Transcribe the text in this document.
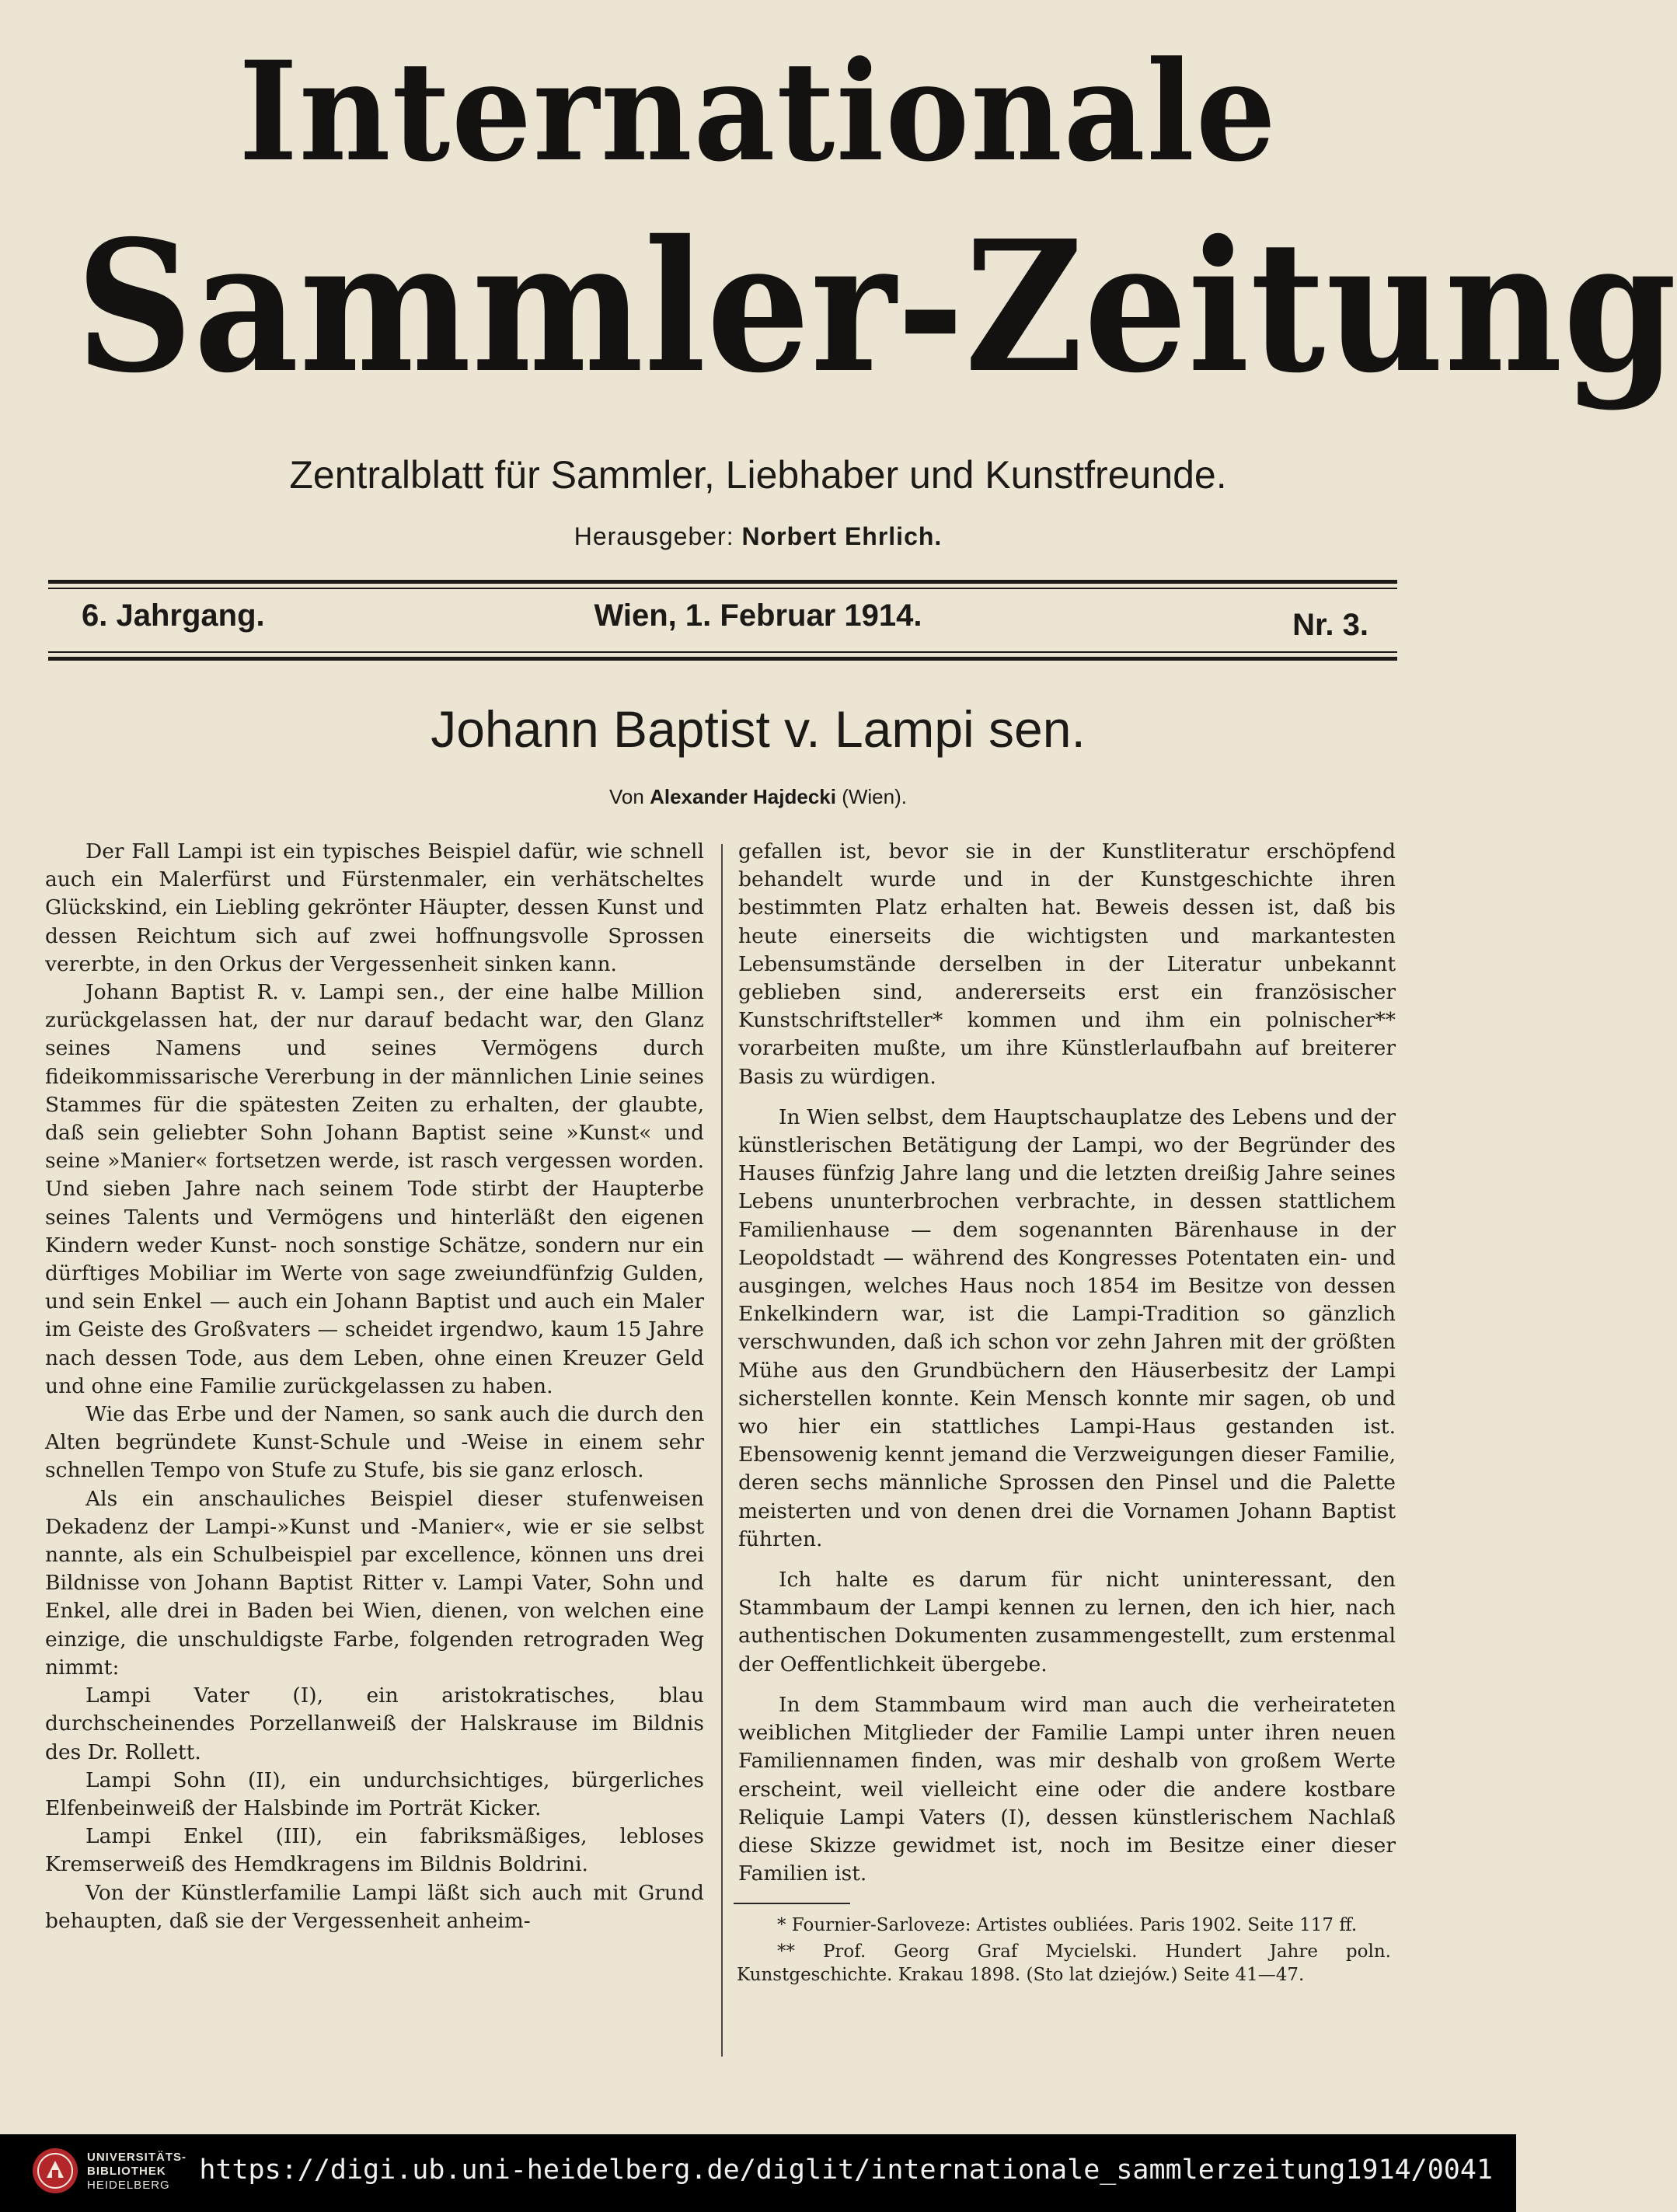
Internationale
Sammler-Zeitung
Zentralblatt für Sammler, Liebhaber und Kunstfreunde.
Herausgeber: Norbert Ehrlich.
6. Jahrgang.	Wien, 1. Februar 1914.	Nr. 3.
Johann Baptist v. Lampi sen.
Von Alexander Hajdecki (Wien).

Der Fall Lampi ist ein typisches Beispiel dafür, wie schnell auch ein Malerfürst und Fürstenmaler, ein verhätscheltes Glückskind, ein Liebling gekrönter Häupter, dessen Kunst und dessen Reichtum sich auf zwei hoffnungsvolle Sprossen vererbte, in den Orkus der Vergessenheit sinken kann.

Johann Baptist R. v. Lampi sen., der eine halbe Million zurückgelassen hat, der nur darauf bedacht war, den Glanz seines Namens und seines Vermögens durch fideikommissarische Vererbung in der männlichen Linie seines Stammes für die spätesten Zeiten zu erhalten, der glaubte, daß sein geliebter Sohn Johann Baptist seine »Kunst« und seine »Manier« fortsetzen werde, ist rasch vergessen worden. Und sieben Jahre nach seinem Tode stirbt der Haupterbe seines Talents und Vermögens und hinterläßt den eigenen Kindern weder Kunst- noch sonstige Schätze, sondern nur ein dürftiges Mobiliar im Werte von sage zweiundfünfzig Gulden, und sein Enkel — auch ein Johann Baptist und auch ein Maler im Geiste des Großvaters — scheidet irgendwo, kaum 15 Jahre nach dessen Tode, aus dem Leben, ohne einen Kreuzer Geld und ohne eine Familie zurückgelassen zu haben.

Wie das Erbe und der Namen, so sank auch die durch den Alten begründete Kunst-Schule und -Weise in einem sehr schnellen Tempo von Stufe zu Stufe, bis sie ganz erlosch.

Als ein anschauliches Beispiel dieser stufenweisen Dekadenz der Lampi-»Kunst und -Manier«, wie er sie selbst nannte, als ein Schulbeispiel par excellence, können uns drei Bildnisse von Johann Baptist Ritter v. Lampi Vater, Sohn und Enkel, alle drei in Baden bei Wien, dienen, von welchen eine einzige, die unschuldigste Farbe, folgenden retrograden Weg nimmt:

Lampi Vater (I), ein aristokratisches, blau durchscheinendes Porzellanweiß der Halskrause im Bildnis des Dr. Rollett.

Lampi Sohn (II), ein undurchsichtiges, bürgerliches Elfenbeinweiß der Halsbinde im Porträt Kicker.

Lampi Enkel (III), ein fabriksmäßiges, lebloses Kremserweiß des Hemdkragens im Bildnis Boldrini.

Von der Künstlerfamilie Lampi läßt sich auch mit Grund behaupten, daß sie der Vergessenheit anheim-

gefallen ist, bevor sie in der Kunstliteratur erschöpfend behandelt wurde und in der Kunstgeschichte ihren bestimmten Platz erhalten hat. Beweis dessen ist, daß bis heute einerseits die wichtigsten und markantesten Lebensumstände derselben in der Literatur unbekannt geblieben sind, andererseits erst ein französischer Kunstschriftsteller* kommen und ihm ein polnischer** vorarbeiten mußte, um ihre Künstlerlaufbahn auf breiterer Basis zu würdigen.

In Wien selbst, dem Hauptschauplatze des Lebens und der künstlerischen Betätigung der Lampi, wo der Begründer des Hauses fünfzig Jahre lang und die letzten dreißig Jahre seines Lebens ununterbrochen verbrachte, in dessen stattlichem Familienhause — dem sogenannten Bärenhause in der Leopoldstadt — während des Kongresses Potentaten ein- und ausgingen, welches Haus noch 1854 im Besitze von dessen Enkelkindern war, ist die Lampi-Tradition so gänzlich verschwunden, daß ich schon vor zehn Jahren mit der größten Mühe aus den Grundbüchern den Häuserbesitz der Lampi sicherstellen konnte. Kein Mensch konnte mir sagen, ob und wo hier ein stattliches Lampi-Haus gestanden ist. Ebensowenig kennt jemand die Verzweigungen dieser Familie, deren sechs männliche Sprossen den Pinsel und die Palette meisterten und von denen drei die Vornamen Johann Baptist führten.

Ich halte es darum für nicht uninteressant, den Stammbaum der Lampi kennen zu lernen, den ich hier, nach authentischen Dokumenten zusammengestellt, zum erstenmal der Oeffentlichkeit übergebe.

In dem Stammbaum wird man auch die verheirateten weiblichen Mitglieder der Familie Lampi unter ihren neuen Familiennamen finden, was mir deshalb von großem Werte erscheint, weil vielleicht eine oder die andere kostbare Reliquie Lampi Vaters (I), dessen künstlerischem Nachlaß diese Skizze gewidmet ist, noch im Besitze einer dieser Familien ist.

* Fournier-Sarloveze: Artistes oubliées. Paris 1902. Seite 117 ff.

** Prof. Georg Graf Mycielski. Hundert Jahre poln. Kunstgeschichte. Krakau 1898. (Sto lat dziejów.) Seite 41—47.

UNIVERSITÄTS-
BIBLIOTHEK
HEIDELBERG	https://digi.ub.uni-heidelberg.de/diglit/internationale_sammlerzeitung1914/0041
